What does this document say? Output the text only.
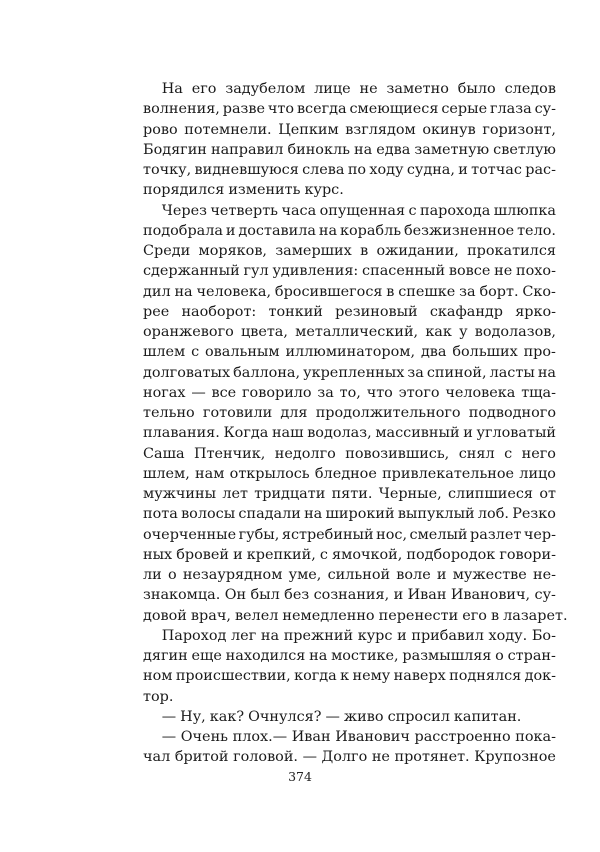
На его задубелом лице не заметно было следов
волнения, разве что всегда смеющиеся серые глаза су-
рово потемнели. Цепким взглядом окинув горизонт,
Бодягин направил бинокль на едва заметную светлую
точку, видневшуюся слева по ходу судна, и тотчас рас-
порядился изменить курс.
Через четверть часа опущенная с парохода шлюпка
подобрала и доставила на корабль безжизненное тело.
Среди моряков, замерших в ожидании, прокатился
сдержанный гул удивления: спасенный вовсе не похо-
дил на человека, бросившегося в спешке за борт. Ско-
рее наоборот: тонкий резиновый скафандр ярко-
оранжевого цвета, металлический, как у водолазов,
шлем с овальным иллюминатором, два больших про-
долговатых баллона, укрепленных за спиной, ласты на
ногах — все говорило за то, что этого человека тща-
тельно готовили для продолжительного подводного
плавания. Когда наш водолаз, массивный и угловатый
Саша Птенчик, недолго повозившись, снял с него
шлем, нам открылось бледное привлекательное лицо
мужчины лет тридцати пяти. Черные, слипшиеся от
пота волосы спадали на широкий выпуклый лоб. Резко
очерченные губы, ястребиный нос, смелый разлет чер-
ных бровей и крепкий, с ямочкой, подбородок говори-
ли о незаурядном уме, сильной воле и мужестве не-
знакомца. Он был без сознания, и Иван Иванович, су-
довой врач, велел немедленно перенести его в лазарет.
Пароход лег на прежний курс и прибавил ходу. Бо-
дягин еще находился на мостике, размышляя о стран-
ном происшествии, когда к нему наверх поднялся док-
тор.
— Ну, как? Очнулся? — живо спросил капитан.
— Очень плох.— Иван Иванович расстроенно пока-
чал бритой головой. — Долго не протянет. Крупозное
374
